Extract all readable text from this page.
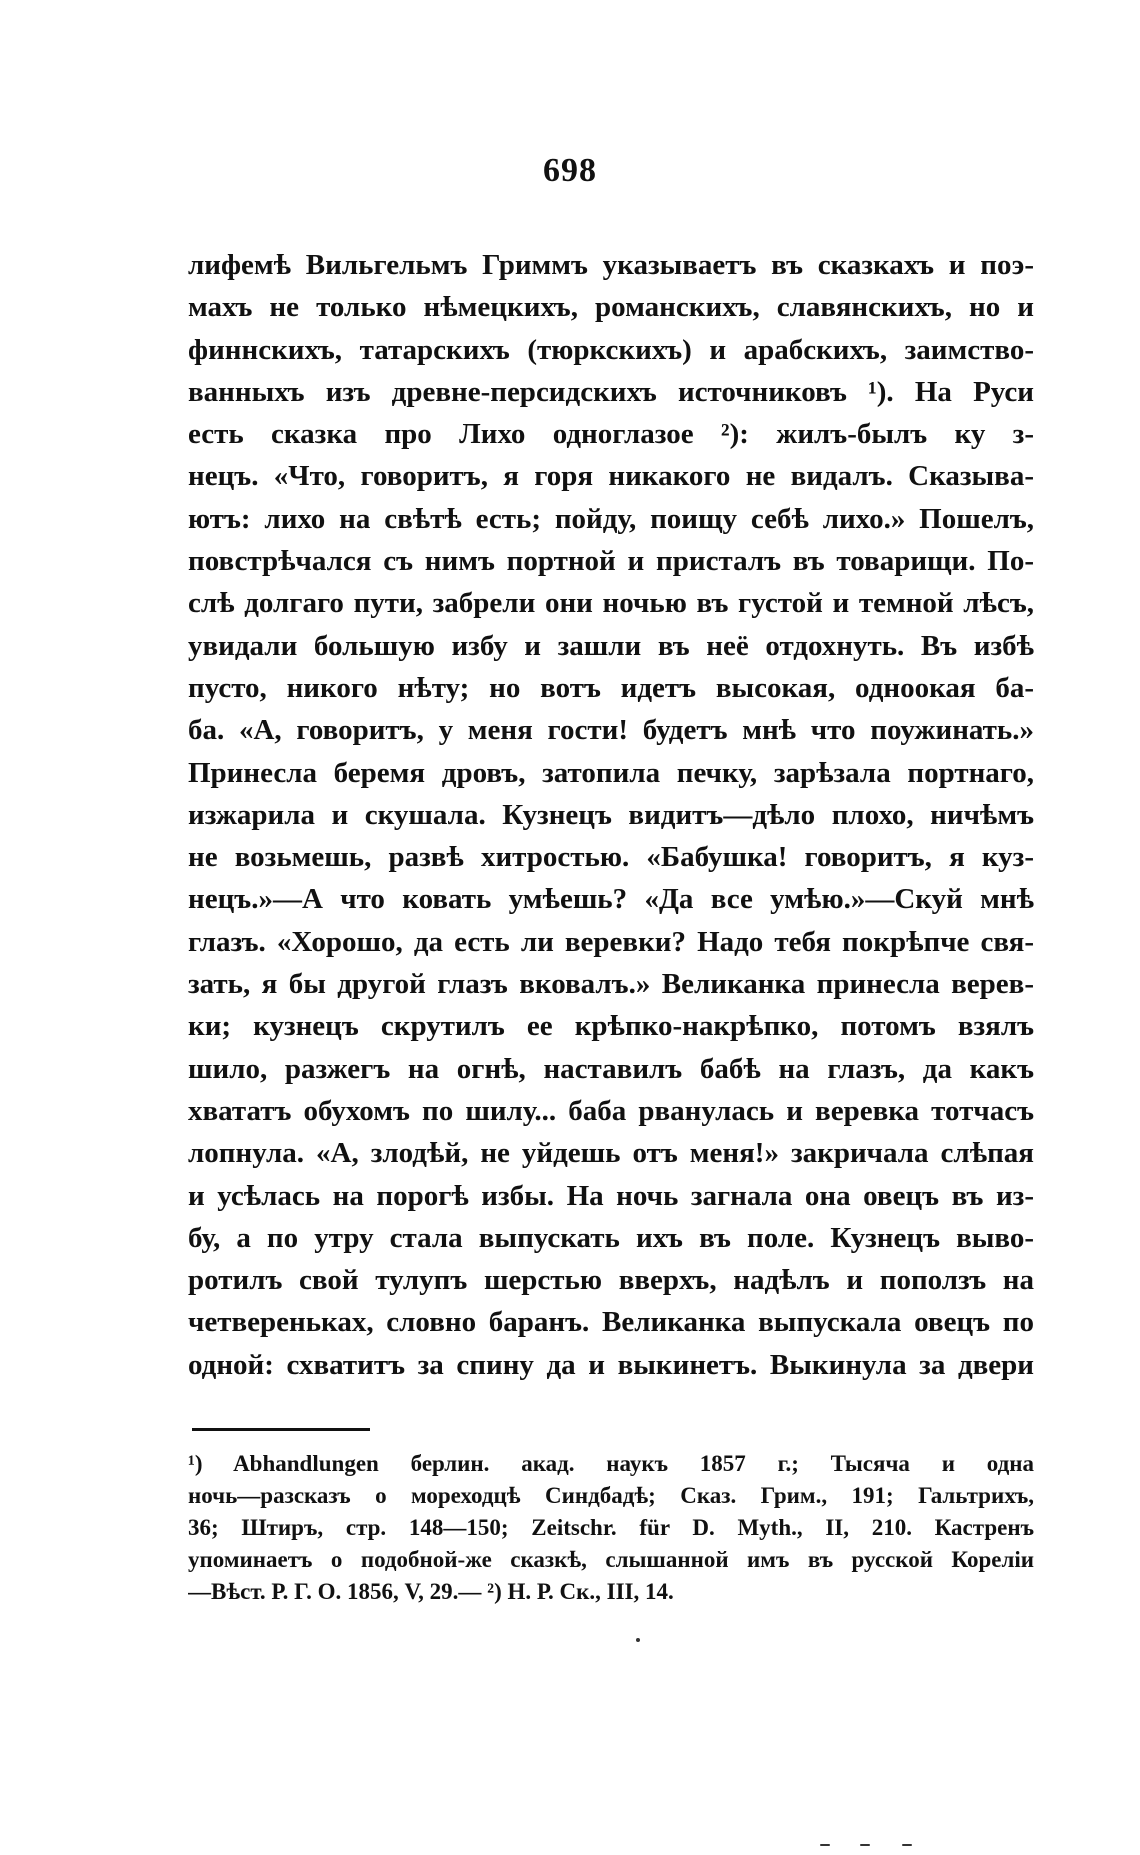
698
лифемѣ Вильгельмъ Гриммъ указываетъ въ сказкахъ и поэ-
махъ не только нѣмецкихъ, романскихъ, славянскихъ, но и
финнскихъ, татарскихъ (тюркскихъ) и арабскихъ, заимство-
ванныхъ изъ древне-персидскихъ источниковъ ¹). На Руси
есть сказка про Лихо одноглазое ²): жилъ-былъ ку з-
нецъ. «Что, говоритъ, я горя никакого не видалъ. Сказыва-
ютъ: лихо на свѣтѣ есть; пойду, поищу себѣ лихо.» Пошелъ,
повстрѣчался съ нимъ портной и присталъ въ товарищи. По-
слѣ долгаго пути, забрели они ночью въ густой и темной лѣсъ,
увидали большую избу и зашли въ неё отдохнуть. Въ избѣ
пусто, никого нѣту; но вотъ идетъ высокая, одноокая ба-
ба. «А, говоритъ, у меня гости! будетъ мнѣ что поужинать.»
Принесла беремя дровъ, затопила печку, зарѣзала портнаго,
изжарила и скушала. Кузнецъ видитъ—дѣло плохо, ничѣмъ
не возьмешь, развѣ хитростью. «Бабушка! говоритъ, я куз-
нецъ.»—А что ковать умѣешь? «Да все умѣю.»—Скуй мнѣ
глазъ. «Хорошо, да есть ли веревки? Надо тебя покрѣпче свя-
зать, я бы другой глазъ вковалъ.» Великанка принесла верев-
ки; кузнецъ скрутилъ ее крѣпко-накрѣпко, потомъ взялъ
шило, разжегъ на огнѣ, наставилъ бабѣ на глазъ, да какъ
хвататъ обухомъ по шилу... баба рванулась и веревка тотчасъ
лопнула. «А, злодѣй, не уйдешь отъ меня!» закричала слѣпая
и усѣлась на порогѣ избы. На ночь загнала она овецъ въ из-
бу, а по утру стала выпускать ихъ въ поле. Кузнецъ выво-
ротилъ свой тулупъ шерстью вверхъ, надѣлъ и поползъ на
четвереньках, словно баранъ. Великанка выпускала овецъ по
одной: схватитъ за спину да и выкинетъ. Выкинула за двери
¹) Abhandlungen берлин. акад. наукъ 1857 г.; Тысяча и одна
ночь—разсказъ о мореходцѣ Синдбадѣ; Сказ. Грим., 191; Гальтрихъ,
36; Штиръ, стр. 148—150; Zeitschr. für D. Myth., II, 210. Кастренъ
упоминаетъ о подобной-же сказкѣ, слышанной имъ въ русской Кореліи
—Вѣст. Р. Г. О. 1856, V, 29.— ²) Н. Р. Ск., III, 14.
